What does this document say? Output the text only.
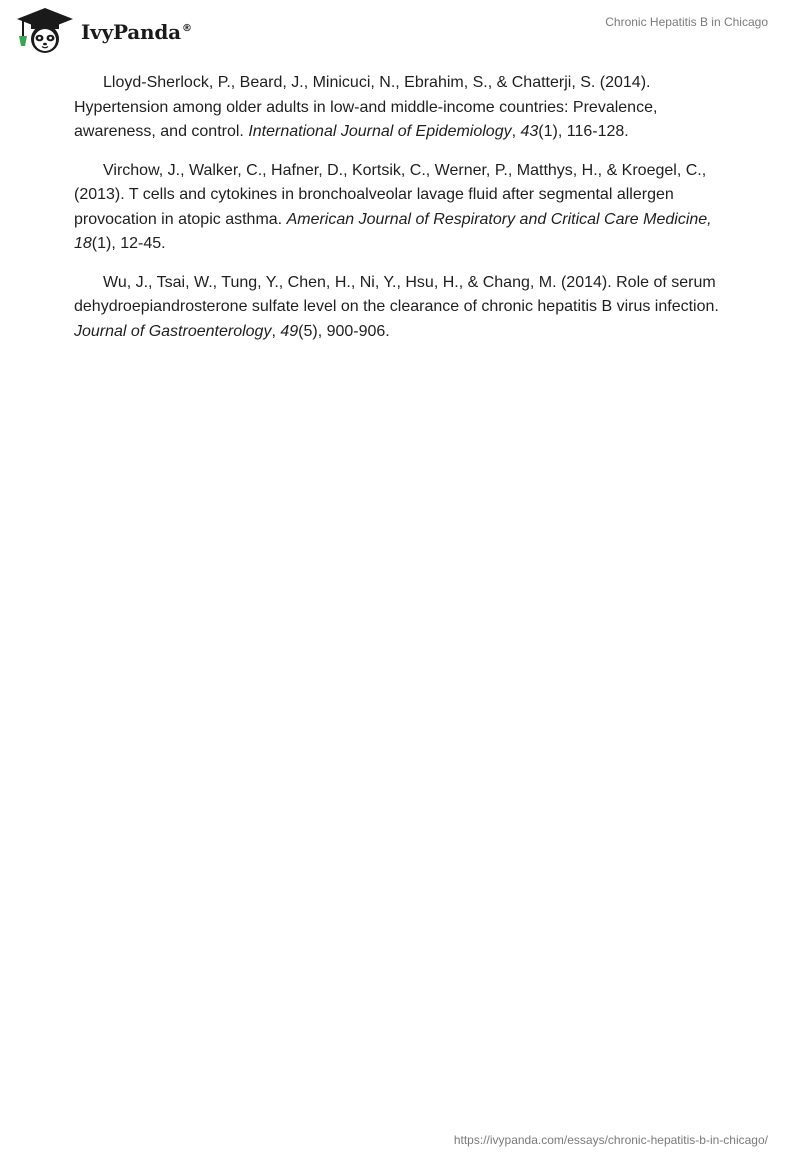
IvyPanda®	Chronic Hepatitis B in Chicago

Lloyd-Sherlock, P., Beard, J., Minicuci, N., Ebrahim, S., & Chatterji, S. (2014). Hypertension among older adults in low-and middle-income countries: Prevalence, awareness, and control. International Journal of Epidemiology, 43(1), 116-128.

Virchow, J., Walker, C., Hafner, D., Kortsik, C., Werner, P., Matthys, H., & Kroegel, C., (2013). T cells and cytokines in bronchoalveolar lavage fluid after segmental allergen provocation in atopic asthma. American Journal of Respiratory and Critical Care Medicine, 18(1), 12-45.

Wu, J., Tsai, W., Tung, Y., Chen, H., Ni, Y., Hsu, H., & Chang, M. (2014). Role of serum dehydroepiandrosterone sulfate level on the clearance of chronic hepatitis B virus infection. Journal of Gastroenterology, 49(5), 900-906.

https://ivypanda.com/essays/chronic-hepatitis-b-in-chicago/
